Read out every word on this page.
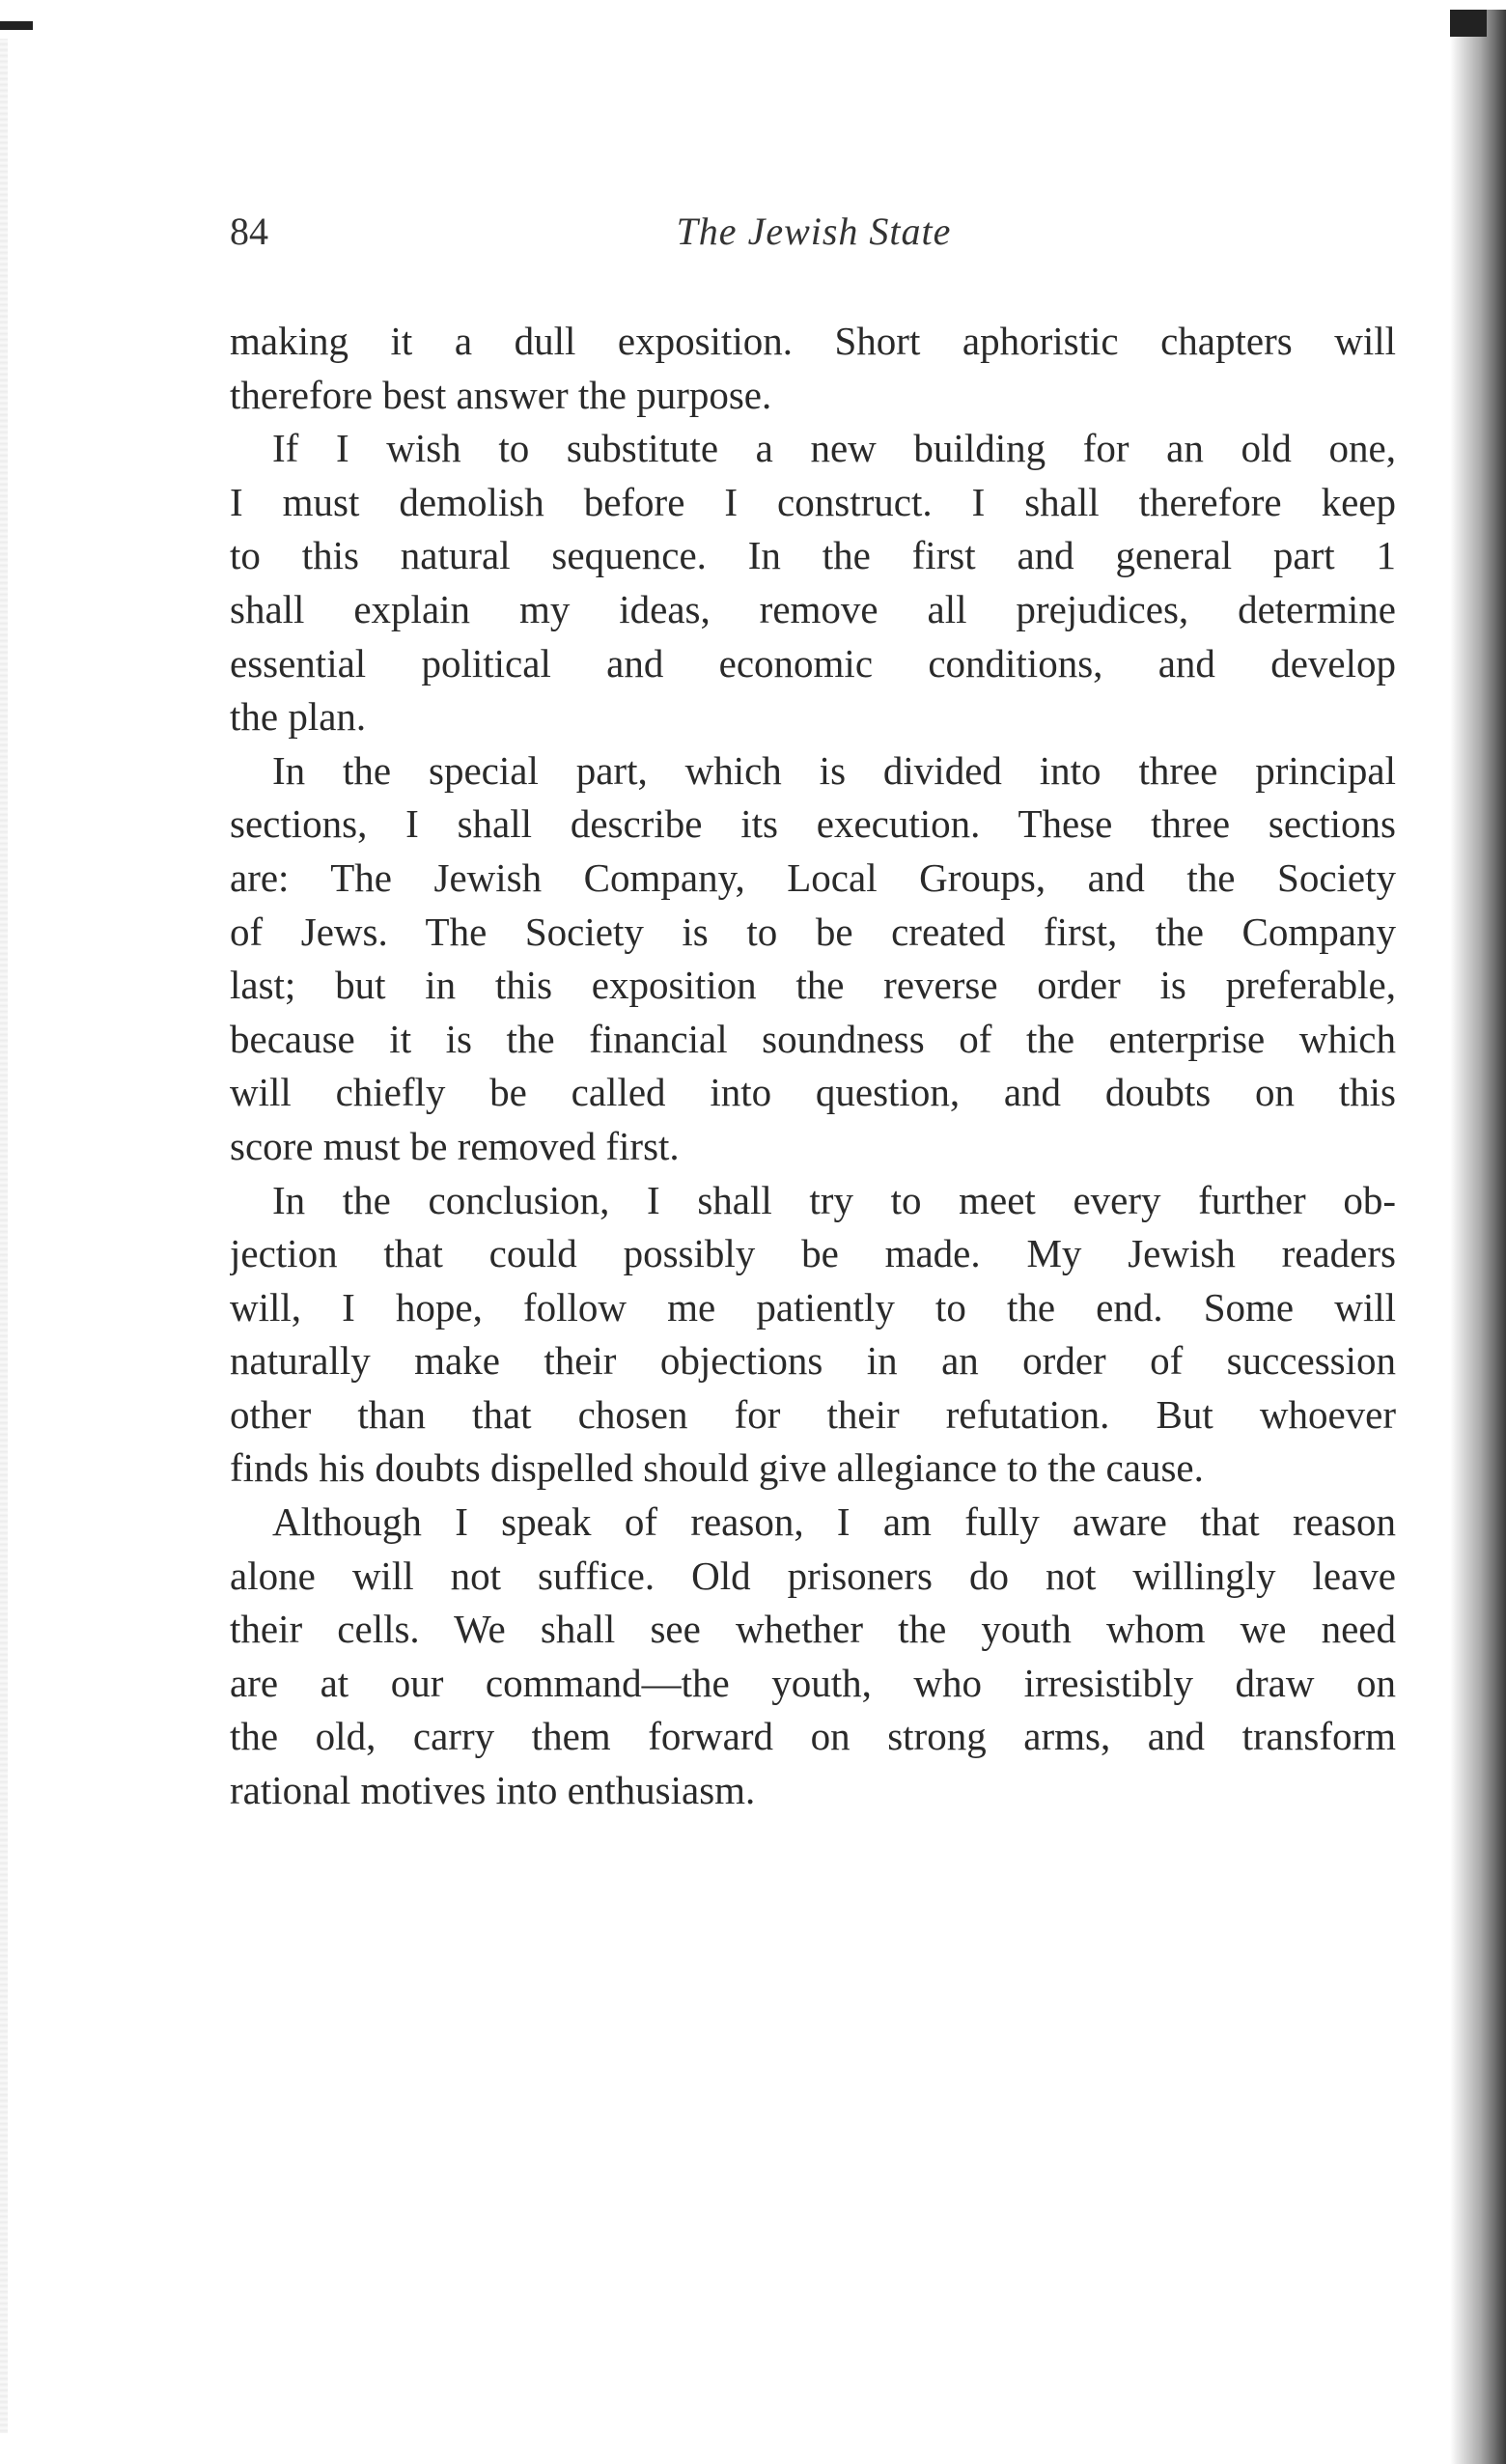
84	The Jewish State
making it a dull exposition. Short aphoristic chapters will
therefore best answer the purpose.
If I wish to substitute a new building for an old one,
I must demolish before I construct. I shall therefore keep
to this natural sequence. In the first and general part 1
shall explain my ideas, remove all prejudices, determine
essential political and economic conditions, and develop
the plan.
In the special part, which is divided into three principal
sections, I shall describe its execution. These three sections
are: The Jewish Company, Local Groups, and the Society
of Jews. The Society is to be created first, the Company
last; but in this exposition the reverse order is preferable,
because it is the financial soundness of the enterprise which
will chiefly be called into question, and doubts on this
score must be removed first.
In the conclusion, I shall try to meet every further ob-
jection that could possibly be made. My Jewish readers
will, I hope, follow me patiently to the end. Some will
naturally make their objections in an order of succession
other than that chosen for their refutation. But whoever
finds his doubts dispelled should give allegiance to the cause.
Although I speak of reason, I am fully aware that reason
alone will not suffice. Old prisoners do not willingly leave
their cells. We shall see whether the youth whom we need
are at our command—the youth, who irresistibly draw on
the old, carry them forward on strong arms, and transform
rational motives into enthusiasm.
